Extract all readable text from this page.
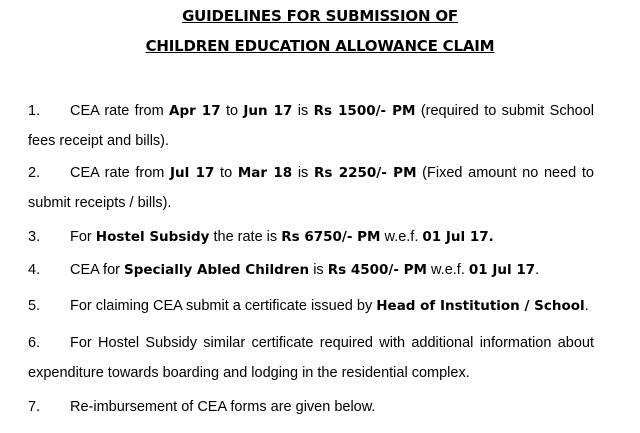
GUIDELINES FOR SUBMISSION OF
CHILDREN EDUCATION ALLOWANCE CLAIM
1. CEA rate from Apr 17 to Jun 17 is Rs 1500/- PM (required to submit School fees receipt and bills).
2. CEA rate from Jul 17 to Mar 18 is Rs 2250/- PM (Fixed amount no need to submit receipts / bills).
3. For Hostel Subsidy the rate is Rs 6750/- PM w.e.f. 01 Jul 17.
4. CEA for Specially Abled Children is Rs 4500/- PM w.e.f. 01 Jul 17.
5. For claiming CEA submit a certificate issued by Head of Institution / School.
6. For Hostel Subsidy similar certificate required with additional information about expenditure towards boarding and lodging in the residential complex.
7. Re-imbursement of CEA forms are given below.
